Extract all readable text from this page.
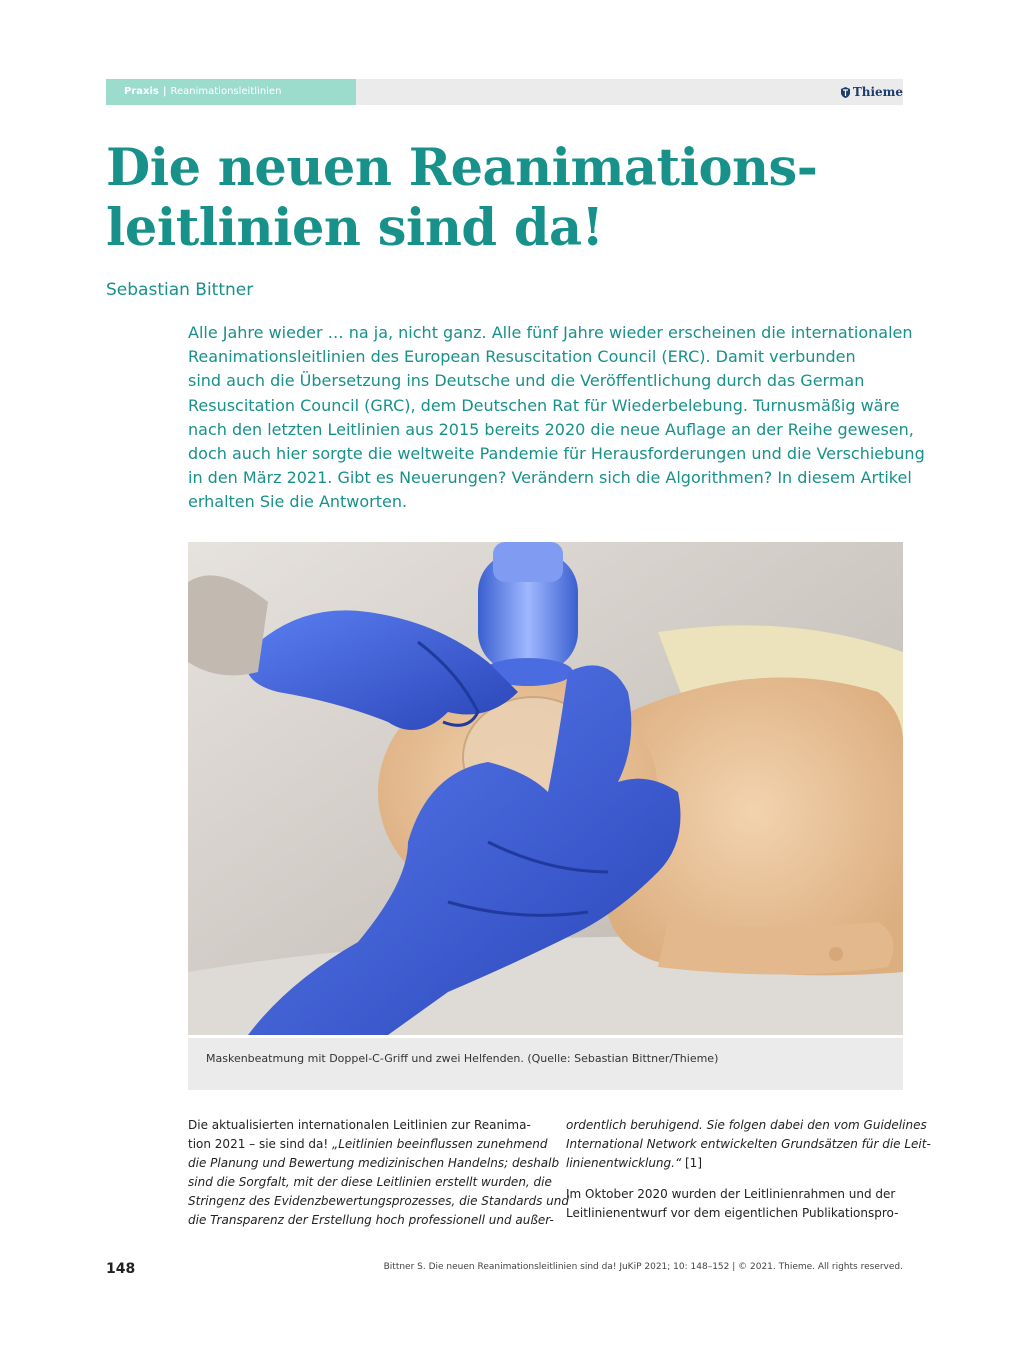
Praxis | Reanimationsleitlinien	Thieme
Die neuen Reanimations-
leitlinien sind da!
Sebastian Bittner
Alle Jahre wieder … na ja, nicht ganz. Alle fünf Jahre wieder erscheinen die internationalen
Reanimationsleitlinien des European Resuscitation Council (ERC). Damit verbunden
sind auch die Übersetzung ins Deutsche und die Veröffentlichung durch das German
Resuscitation Council (GRC), dem Deutschen Rat für Wiederbelebung. Turnusmäßig wäre
nach den letzten Leitlinien aus 2015 bereits 2020 die neue Auflage an der Reihe gewesen,
doch auch hier sorgte die weltweite Pandemie für Herausforderungen und die Verschiebung
in den März 2021. Gibt es Neuerungen? Verändern sich die Algorithmen? In diesem Artikel
erhalten Sie die Antworten.
Maskenbeatmung mit Doppel-C-Griff und zwei Helfenden. (Quelle: Sebastian Bittner/Thieme)
Die aktualisierten internationalen Leitlinien zur Reanima-
tion 2021 – sie sind da! „Leitlinien beeinflussen zunehmend
die Planung und Bewertung medizinischen Handelns; deshalb
sind die Sorgfalt, mit der diese Leitlinien erstellt wurden, die
Stringenz des Evidenzbewertungsprozesses, die Standards und
die Transparenz der Erstellung hoch professionell und außer-
ordentlich beruhigend. Sie folgen dabei den vom Guidelines
International Network entwickelten Grundsätzen für die Leit-
linienentwicklung.“ [1]
Im Oktober 2020 wurden der Leitlinienrahmen und der
Leitlinienentwurf vor dem eigentlichen Publikationspro-
148	Bittner S. Die neuen Reanimationsleitlinien sind da! JuKiP 2021; 10: 148–152 | © 2021. Thieme. All rights reserved.
